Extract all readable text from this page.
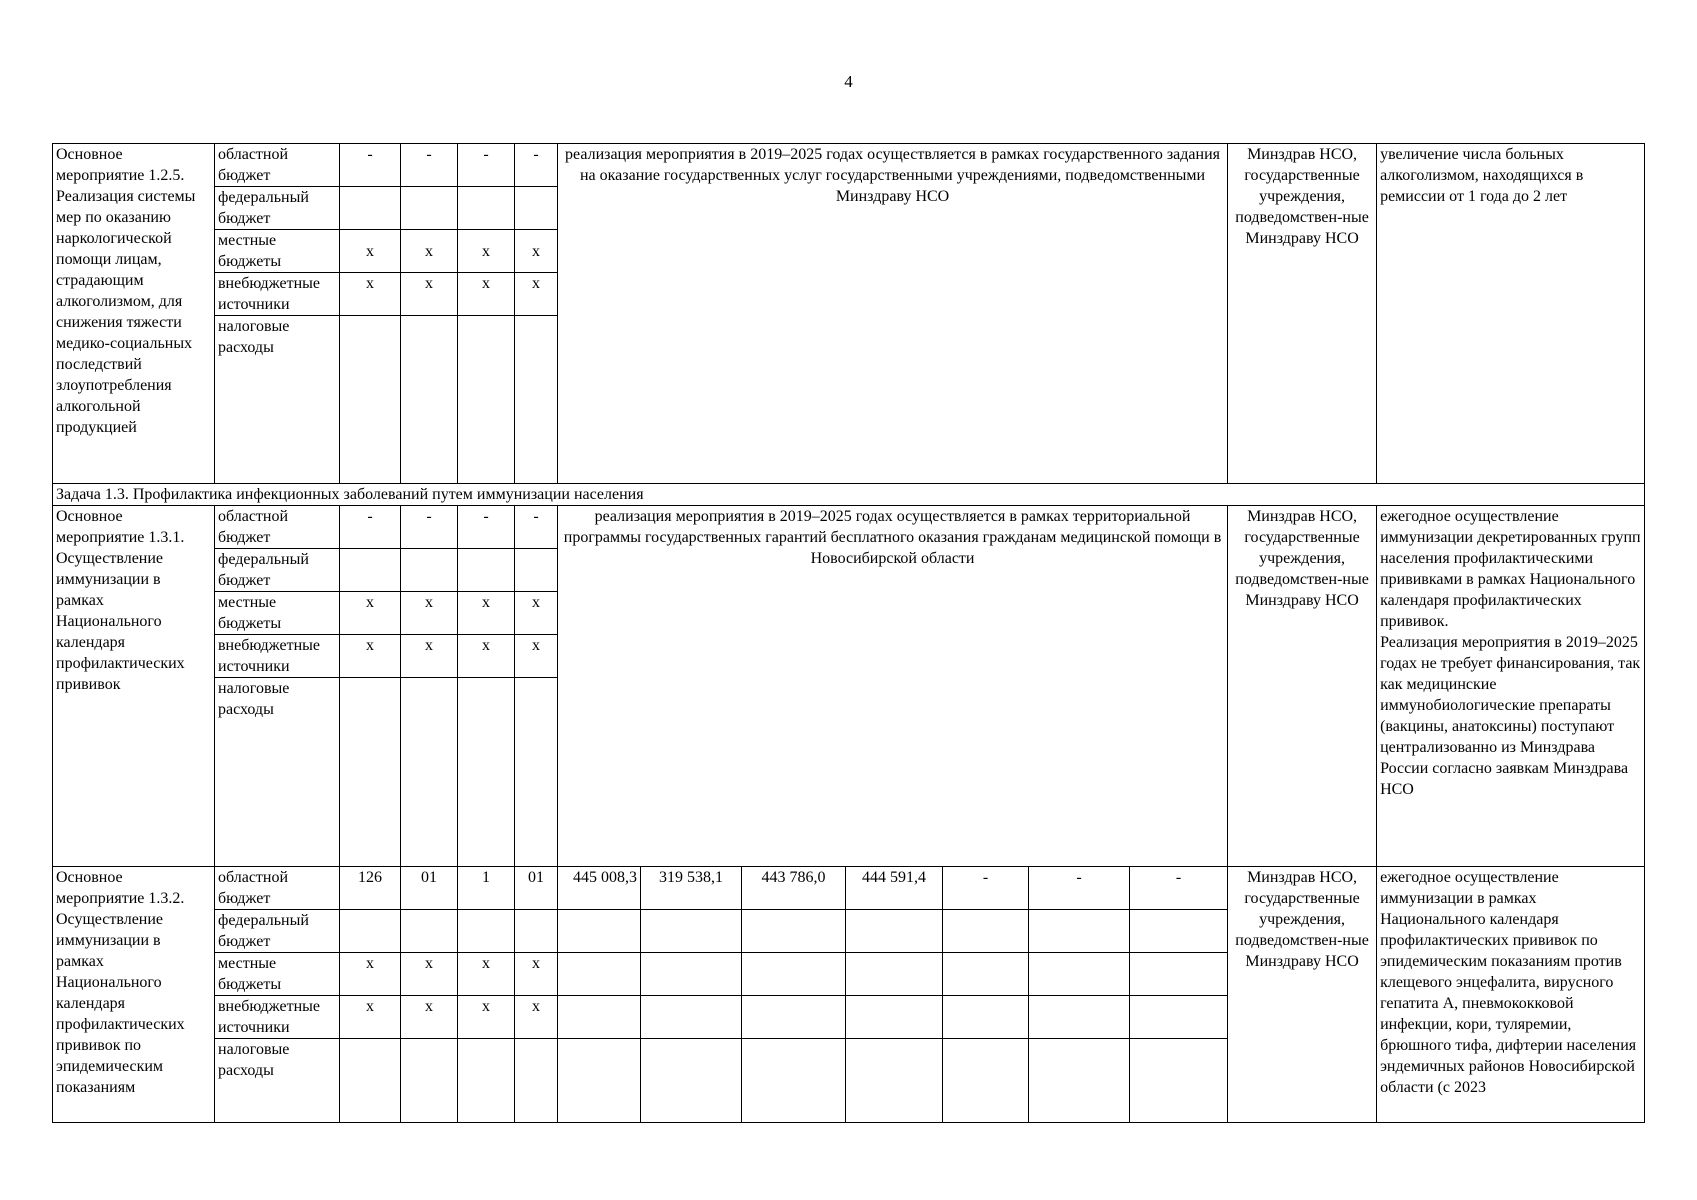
4
Основное мероприятие 1.2.5. Реализация системы мер по оказанию наркологической помощи лицам, страдающим алкоголизмом, для снижения тяжести медико-социальных последствий злоупотребления алкогольной продукцией	областной бюджет	-	-	-	-	реализация мероприятия в 2019–2025 годах осуществляется в рамках государственного задания на оказание государственных услуг государственными учреждениями, подведомственными Минздраву НСО							Минздрав НСО, государственные учреждения, подведомствен-ные Минздраву НСО	увеличение числа больных алкоголизмом, находящихся в ремиссии от 1 года до 2 лет
	федеральный бюджет													
	местные бюджеты	x	x	x	x									
	внебюджетные источники	x	x	x	x									
	налоговые расходы													
Задача 1.3. Профилактика инфекционных заболеваний путем иммунизации населения														
Основное мероприятие 1.3.1. Осуществление иммунизации в рамках Национального календаря профилактических прививок	областной бюджет	-	-	-	-	реализация мероприятия в 2019–2025 годах осуществляется в рамках территориальной программы государственных гарантий бесплатного оказания гражданам медицинской помощи в Новосибирской области							Минздрав НСО, государственные учреждения, подведомствен-ные Минздраву НСО	ежегодное осуществление иммунизации декретированных групп населения профилактическими прививками в рамках Национального календаря профилактических прививок.
Реализация мероприятия в 2019–2025 годах не требует финансирования, так как медицинские иммунобиологические препараты (вакцины, анатоксины) поступают централизованно из Минздрава России согласно заявкам Минздрава НСО
	федеральный бюджет													
	местные бюджеты	x	x	x	x									
	внебюджетные источники	x	x	x	x									
	налоговые расходы													
Основное мероприятие 1.3.2. Осуществление иммунизации в рамках Национального календаря профилактических прививок по эпидемическим показаниям	областной бюджет	126	01	1	01	445 008,3	319 538,1	443 786,0	444 591,4	-	-	-	Минздрав НСО, государственные учреждения, подведомствен-ные Минздраву НСО	ежегодное осуществление иммунизации в рамках Национального календаря профилактических прививок по эпидемическим показаниям против клещевого энцефалита, вирусного гепатита А, пневмококковой инфекции, кори, туляремии, брюшного тифа, дифтерии населения эндемичных районов Новосибирской области (с 2023
	федеральный бюджет													
	местные бюджеты	x	x	x	x									
	внебюджетные источники	x	x	x	x									
	налоговые расходы													
